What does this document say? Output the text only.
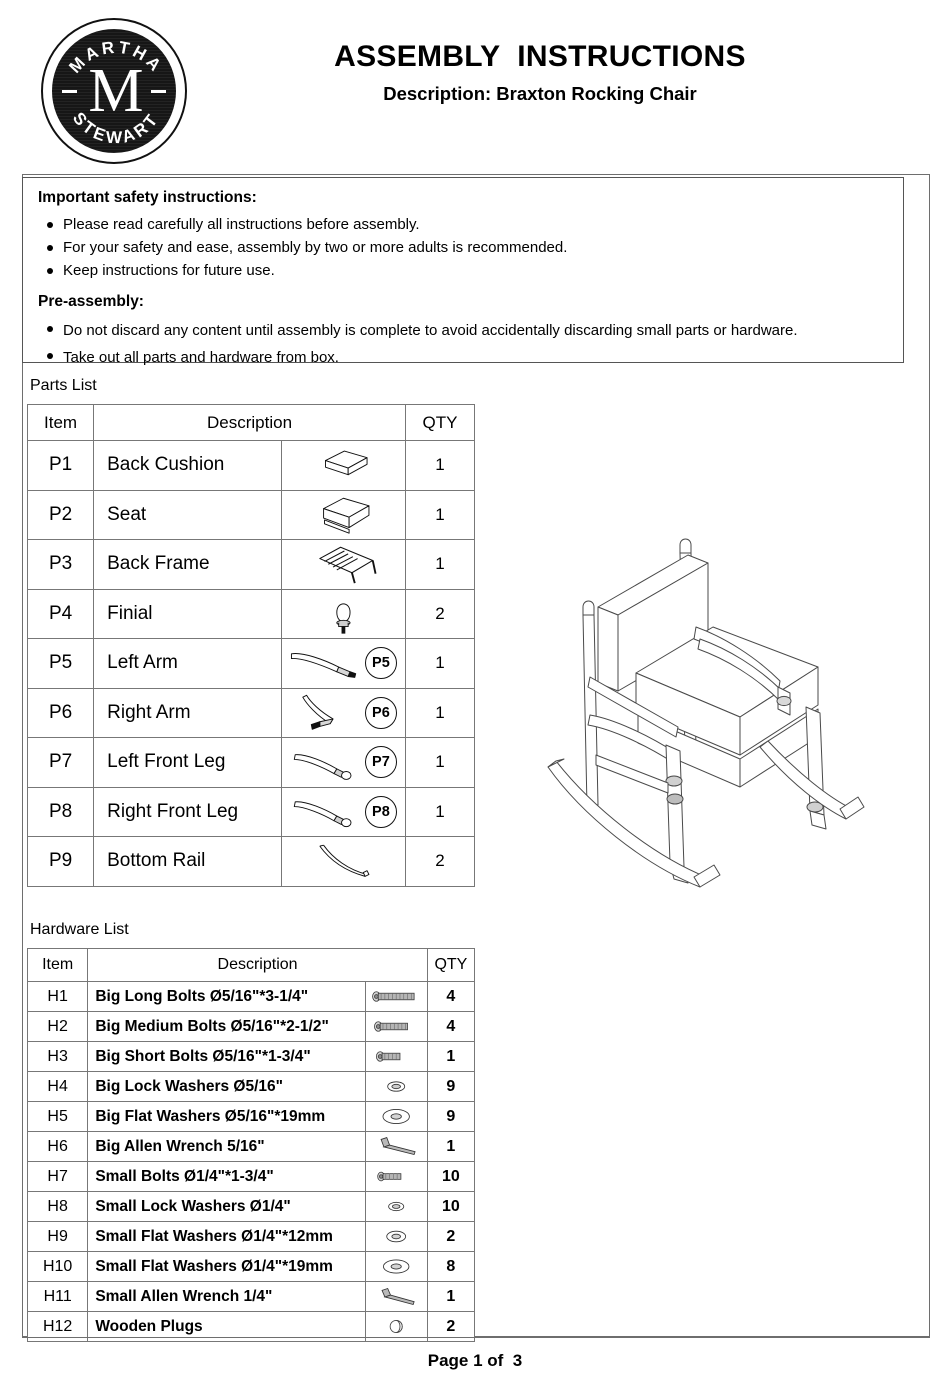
MARTHA
STEWART
M
ASSEMBLY  INSTRUCTIONS
Description: Braxton Rocking Chair
Important safety instructions:
Please read carefully all instructions before assembly.
For your safety and ease, assembly by two or more adults is recommended.
Keep instructions for future use.
Pre-assembly:
Do not discard any content until assembly is complete to avoid accidentally discarding small parts or hardware.
Take out all parts and hardware from box.
Parts List
Item	Description		QTY
P1	Back Cushion		1
P2	Seat		1
P3	Back Frame		1
P4	Finial		2
P5	Left Arm	P5	1
P6	Right Arm	P6	1
P7	Left Front Leg	P7	1
P8	Right Front Leg	P8	1
P9	Bottom Rail		2
Hardware List
Item	Description		QTY
H1	Big Long Bolts Ø5/16"*3-1/4"		4
H2	Big Medium Bolts Ø5/16"*2-1/2"		4
H3	Big Short Bolts Ø5/16"*1-3/4"		1
H4	Big Lock Washers Ø5/16"		9
H5	Big Flat Washers Ø5/16"*19mm		9
H6	Big Allen Wrench 5/16"		1
H7	Small Bolts Ø1/4"*1-3/4"		10
H8	Small Lock Washers Ø1/4"		10
H9	Small Flat Washers Ø1/4"*12mm		2
H10	Small Flat Washers Ø1/4"*19mm		8
H11	Small Allen Wrench 1/4"		1
H12	Wooden Plugs		2
Page 1 of  3
